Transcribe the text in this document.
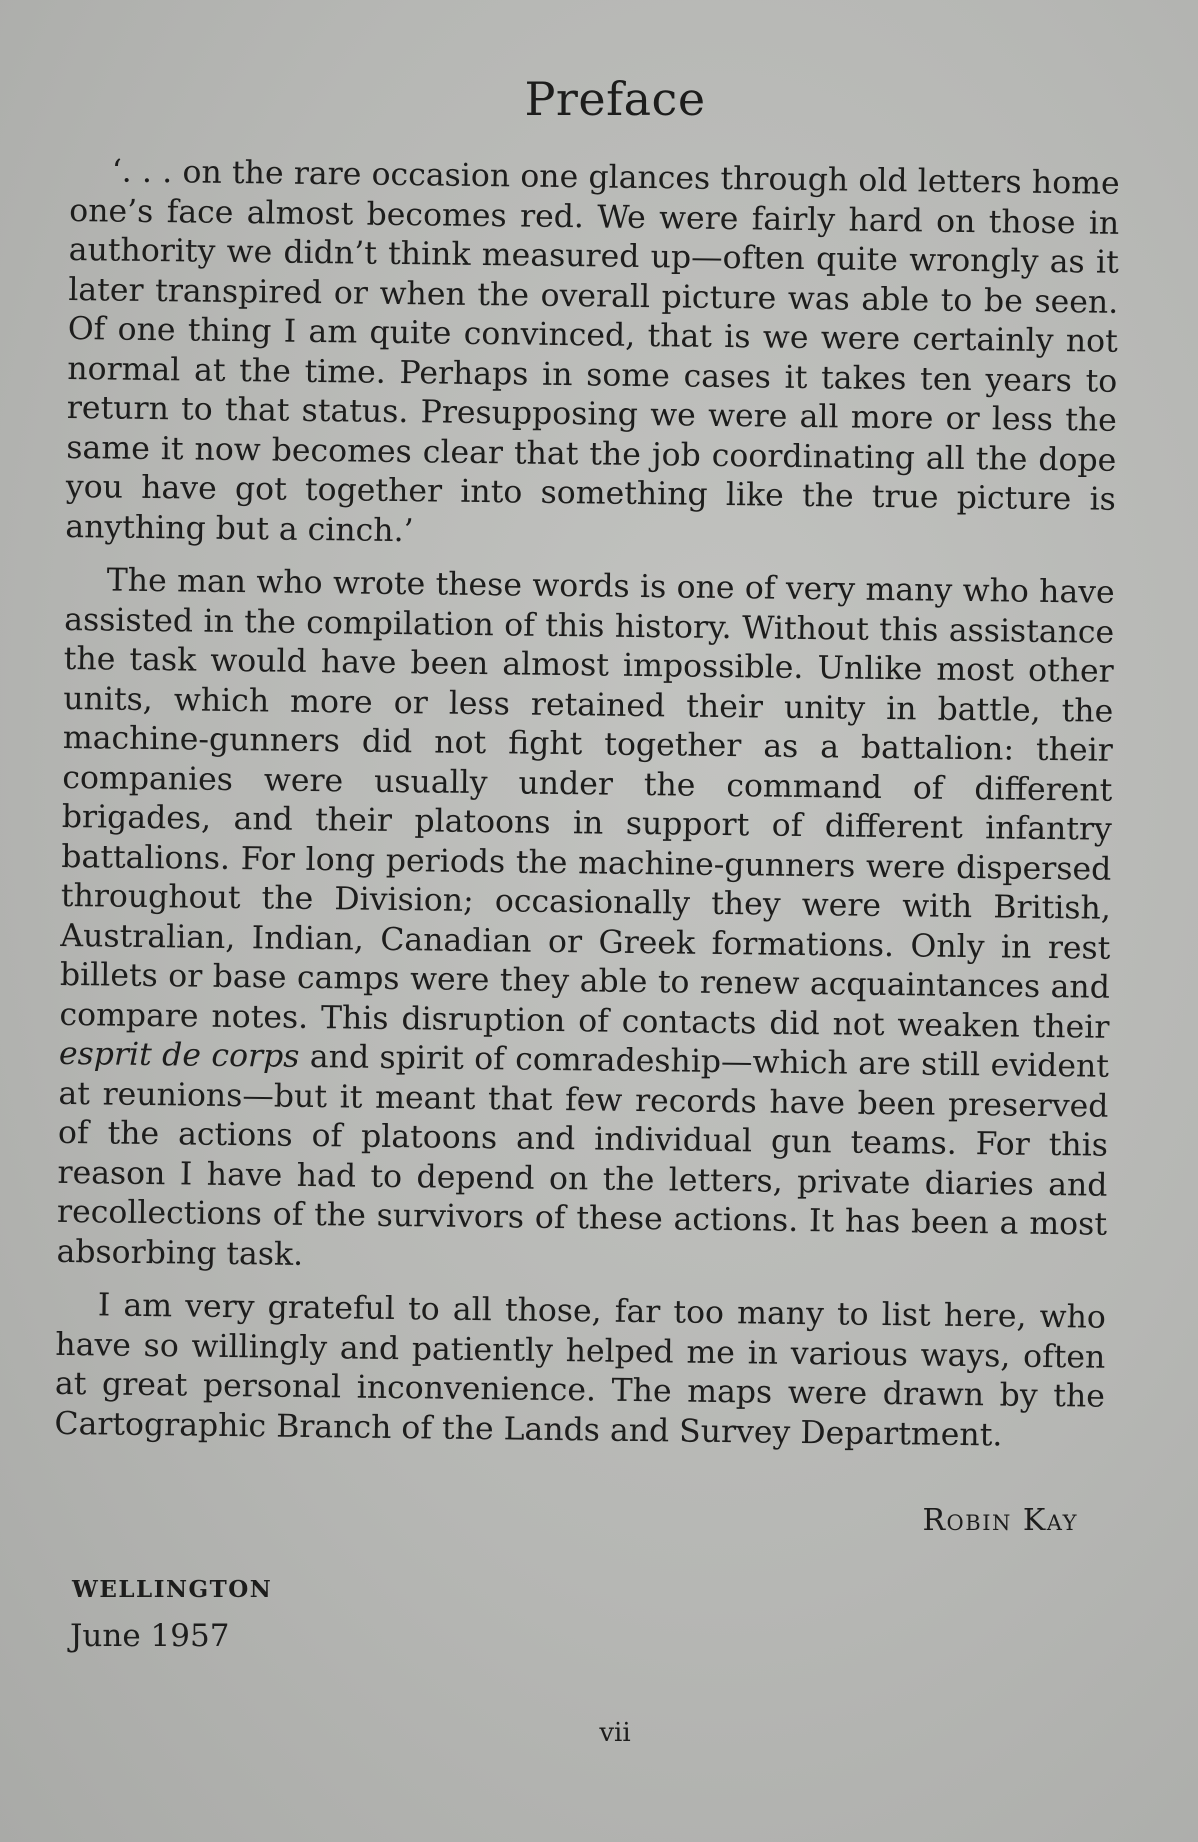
Preface

‘. . . on the rare occasion one glances through old letters home one’s face almost becomes red. We were fairly hard on those in authority we didn’t think measured up—often quite wrongly as it later transpired or when the overall picture was able to be seen. Of one thing I am quite convinced, that is we were certainly not normal at the time. Perhaps in some cases it takes ten years to return to that status. Presupposing we were all more or less the same it now becomes clear that the job coordinating all the dope you have got together into something like the true picture is anything but a cinch.’

The man who wrote these words is one of very many who have assisted in the compilation of this history. Without this assistance the task would have been almost impossible. Unlike most other units, which more or less retained their unity in battle, the machine-gunners did not fight together as a battalion: their companies were usually under the command of different brigades, and their platoons in support of different infantry battalions. For long periods the machine-gunners were dispersed throughout the Division; occasionally they were with British, Australian, Indian, Canadian or Greek formations. Only in rest billets or base camps were they able to renew acquaintances and compare notes. This disruption of contacts did not weaken their esprit de corps and spirit of comradeship—which are still evident at reunions—but it meant that few records have been preserved of the actions of platoons and individual gun teams. For this reason I have had to depend on the letters, private diaries and recollections of the survivors of these actions. It has been a most absorbing task.

I am very grateful to all those, far too many to list here, who have so willingly and patiently helped me in various ways, often at great personal inconvenience. The maps were drawn by the Cartographic Branch of the Lands and Survey Department.

Robin Kay
WELLINGTON
June 1957
vii
